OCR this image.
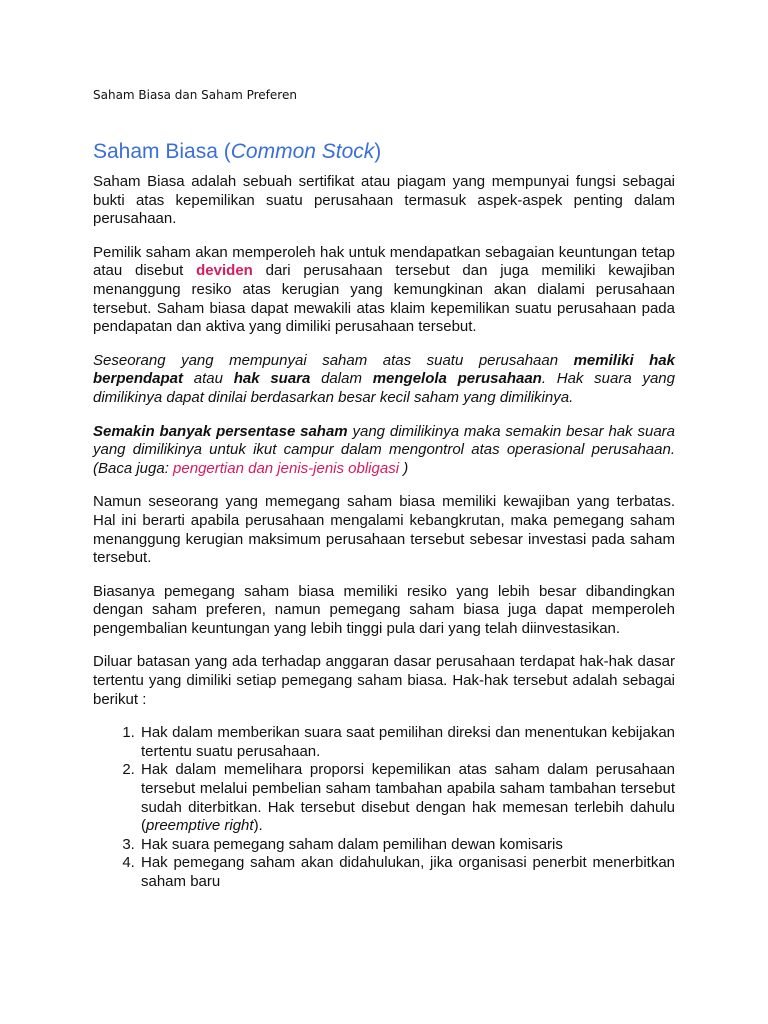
Saham Biasa dan Saham Preferen
Saham Biasa (Common Stock)

Saham Biasa adalah sebuah sertifikat atau piagam yang mempunyai fungsi sebagai bukti atas kepemilikan suatu perusahaan termasuk aspek-aspek penting dalam perusahaan.

Pemilik saham akan memperoleh hak untuk mendapatkan sebagaian keuntungan tetap atau disebut deviden dari perusahaan tersebut dan juga memiliki kewajiban menanggung resiko atas kerugian yang kemungkinan akan dialami perusahaan tersebut. Saham biasa dapat mewakili atas klaim kepemilikan suatu perusahaan pada pendapatan dan aktiva yang dimiliki perusahaan tersebut.

Seseorang yang mempunyai saham atas suatu perusahaan memiliki hak berpendapat atau hak suara dalam mengelola perusahaan. Hak suara yang dimilikinya dapat dinilai berdasarkan besar kecil saham yang dimilikinya.

Semakin banyak persentase saham yang dimilikinya maka semakin besar hak suara yang dimilikinya untuk ikut campur dalam mengontrol atas operasional perusahaan. (Baca juga: pengertian dan jenis-jenis obligasi )

Namun seseorang yang memegang saham biasa memiliki kewajiban yang terbatas. Hal ini berarti apabila perusahaan mengalami kebangkrutan, maka pemegang saham menanggung kerugian maksimum perusahaan tersebut sebesar investasi pada saham tersebut.

Biasanya pemegang saham biasa memiliki resiko yang lebih besar dibandingkan dengan saham preferen, namun pemegang saham biasa juga dapat memperoleh pengembalian keuntungan yang lebih tinggi pula dari yang telah diinvestasikan.

Diluar batasan yang ada terhadap anggaran dasar perusahaan terdapat hak-hak dasar tertentu yang dimiliki setiap pemegang saham biasa. Hak-hak tersebut adalah sebagai berikut :

1. Hak dalam memberikan suara saat pemilihan direksi dan menentukan kebijakan tertentu suatu perusahaan.
2. Hak dalam memelihara proporsi kepemilikan atas saham dalam perusahaan tersebut melalui pembelian saham tambahan apabila saham tambahan tersebut sudah diterbitkan. Hak tersebut disebut dengan hak memesan terlebih dahulu (preemptive right).
3. Hak suara pemegang saham dalam pemilihan dewan komisaris
4. Hak pemegang saham akan didahulukan, jika organisasi penerbit menerbitkan saham baru
